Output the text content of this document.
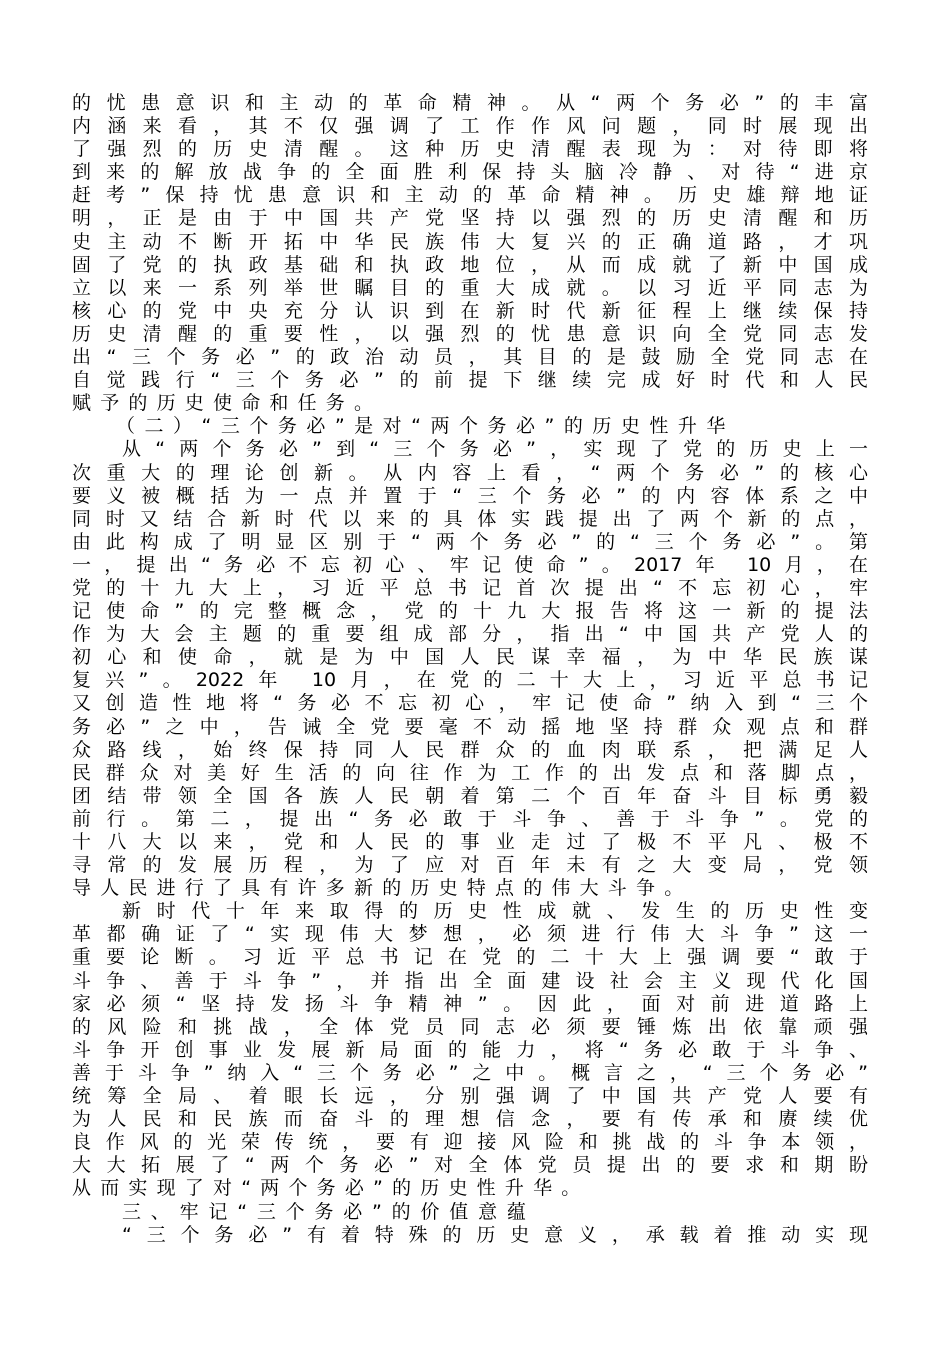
的忧患意识和主动的革命精神。从“两个务必”的丰富
内涵来看，其不仅强调了工作作风问题，同时展现出
了强烈的历史清醒。这种历史清醒表现为：对待即将
到来的解放战争的全面胜利保持头脑冷静、对待“进京
赶考”保持忧患意识和主动的革命精神。历史雄辩地证
明，正是由于中国共产党坚持以强烈的历史清醒和历
史主动不断开拓中华民族伟大复兴的正确道路，才巩
固了党的执政基础和执政地位，从而成就了新中国成
立以来一系列举世瞩目的重大成就。以习近平同志为
核心的党中央充分认识到在新时代新征程上继续保持
历史清醒的重要性，以强烈的忧患意识向全党同志发
出“三个务必”的政治动员，其目的是鼓励全党同志在
自觉践行“三个务必”的前提下继续完成好时代和人民
赋予的历史使命和任务。
（二）“三个务必”是对“两个务必”的历史性升华
从“两个务必”到“三个务必”，实现了党的历史上一
次重大的理论创新。从内容上看，“两个务必”的核心
要义被概括为一点并置于“三个务必”的内容体系之中
同时又结合新时代以来的具体实践提出了两个新的点，
由此构成了明显区别于“两个务必”的“三个务必”。第
一，提出“务必不忘初心、牢记使命”。2017年 10月，在
党的十九大上，习近平总书记首次提出“不忘初心，牢
记使命”的完整概念，党的十九大报告将这一新的提法
作为大会主题的重要组成部分，指出“中国共产党人的
初心和使命，就是为中国人民谋幸福，为中华民族谋
复兴”。2022年 10月，在党的二十大上，习近平总书记
又创造性地将“务必不忘初心，牢记使命”纳入到“三个
务必”之中，告诫全党要毫不动摇地坚持群众观点和群
众路线，始终保持同人民群众的血肉联系，把满足人
民群众对美好生活的向往作为工作的出发点和落脚点，
团结带领全国各族人民朝着第二个百年奋斗目标勇毅
前行。第二，提出“务必敢于斗争、善于斗争”。党的
十八大以来，党和人民的事业走过了极不平凡、极不
寻常的发展历程，为了应对百年未有之大变局，党领
导人民进行了具有许多新的历史特点的伟大斗争。
新时代十年来取得的历史性成就、发生的历史性变
革都确证了“实现伟大梦想，必须进行伟大斗争”这一
重要论断。习近平总书记在党的二十大上强调要“敢于
斗争、善于斗争”，并指出全面建设社会主义现代化国
家必须“坚持发扬斗争精神”。因此，面对前进道路上
的风险和挑战，全体党员同志必须要锤炼出依靠顽强
斗争开创事业发展新局面的能力，将“务必敢于斗争、
善于斗争”纳入“三个务必”之中。概言之，“三个务必”
统筹全局、着眼长远，分别强调了中国共产党人要有
为人民和民族而奋斗的理想信念，要有传承和赓续优
良作风的光荣传统，要有迎接风险和挑战的斗争本领，
大大拓展了“两个务必”对全体党员提出的要求和期盼
从而实现了对“两个务必”的历史性升华。
三、牢记“三个务必”的价值意蕴
“三个务必”有着特殊的历史意义，承载着推动实现
